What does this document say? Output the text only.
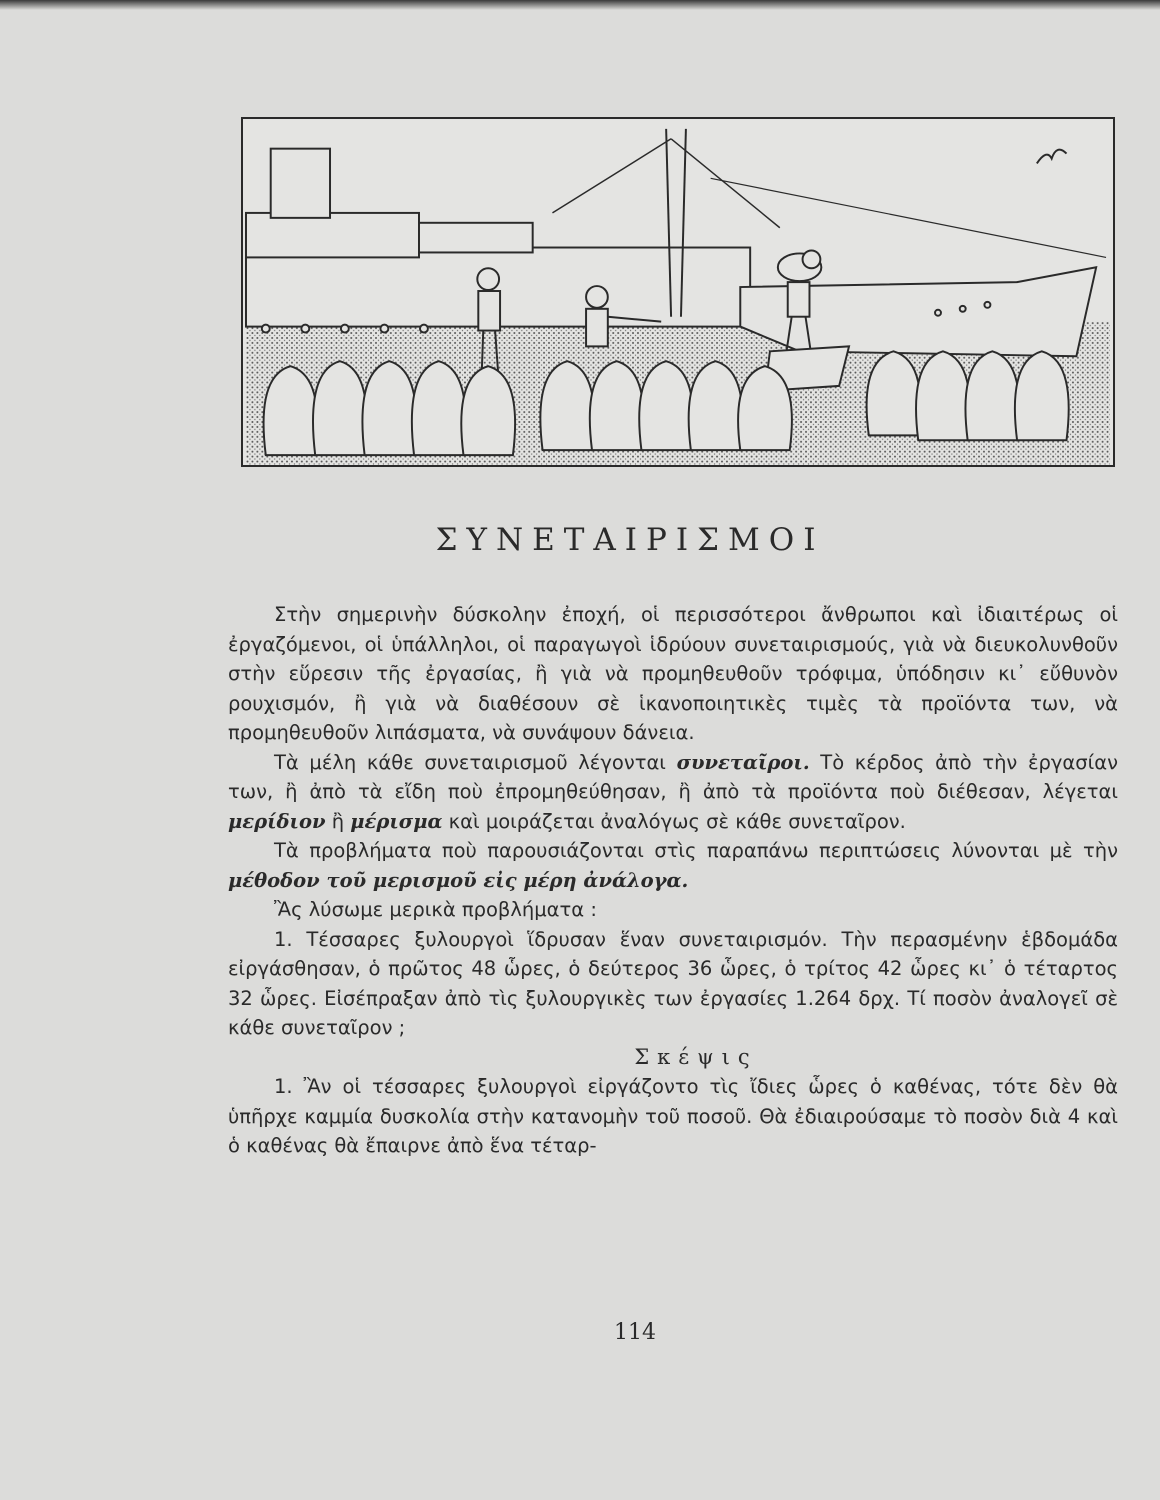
ΣΥΝΕΤΑΙΡΙΣΜΟΙ

Στὴν σημερινὴν δύσκολην ἐποχή, οἱ περισσότεροι ἄνθρωποι καὶ ἰδιαιτέρως οἱ ἐργαζόμενοι, οἱ ὑπάλληλοι, οἱ παραγωγοὶ ἱδρύουν συνεταιρισμούς, γιὰ νὰ διευκολυνθοῦν στὴν εὕρεσιν τῆς ἐργασίας, ἢ γιὰ νὰ προμηθευθοῦν τρόφιμα, ὑπόδησιν κι᾽ εὔθυνὸν ρουχισμόν, ἢ γιὰ νὰ διαθέσουν σὲ ἱκανοποιητικὲς τιμὲς τὰ προϊόντα των, νὰ προμηθευθοῦν λιπάσματα, νὰ συνάψουν δάνεια.

Τὰ μέλη κάθε συνεταιρισμοῦ λέγονται συνεταῖροι. Τὸ κέρδος ἀπὸ τὴν ἐργασίαν των, ἢ ἀπὸ τὰ εἴδη ποὺ ἐπρομηθεύθησαν, ἢ ἀπὸ τὰ προϊόντα ποὺ διέθεσαν, λέγεται μερίδιον ἢ μέρισμα καὶ μοιράζεται ἀναλόγως σὲ κάθε συνεταῖρον.

Τὰ προβλήματα ποὺ παρουσιάζονται στὶς παραπάνω περιπτώσεις λύνονται μὲ τὴν μέθοδον τοῦ μερισμοῦ εἰς μέρη ἀνάλογα.

Ἂς λύσωμε μερικὰ προβλήματα :

1. Τέσσαρες ξυλουργοὶ ἵδρυσαν ἕναν συνεταιρισμόν. Τὴν περασμένην ἑβδομάδα εἰργάσθησαν, ὁ πρῶτος 48 ὧρες, ὁ δεύτερος 36 ὧρες, ὁ τρίτος 42 ὧρες κι᾽ ὁ τέταρτος 32 ὧρες. Εἰσέπραξαν ἀπὸ τὶς ξυλουργικὲς των ἐργασίες 1.264 δρχ. Τί ποσὸν ἀναλογεῖ σὲ κάθε συνεταῖρον ;

Σκέψις

1. Ἂν οἱ τέσσαρες ξυλουργοὶ εἰργάζοντο τὶς ἴδιες ὧρες ὁ καθένας, τότε δὲν θὰ ὑπῆρχε καμμία δυσκολία στὴν κατανομὴν τοῦ ποσοῦ. Θὰ ἐδιαιρούσαμε τὸ ποσὸν διὰ 4 καὶ ὁ καθένας θὰ ἔπαιρνε ἀπὸ ἕνα τέταρ-

114
